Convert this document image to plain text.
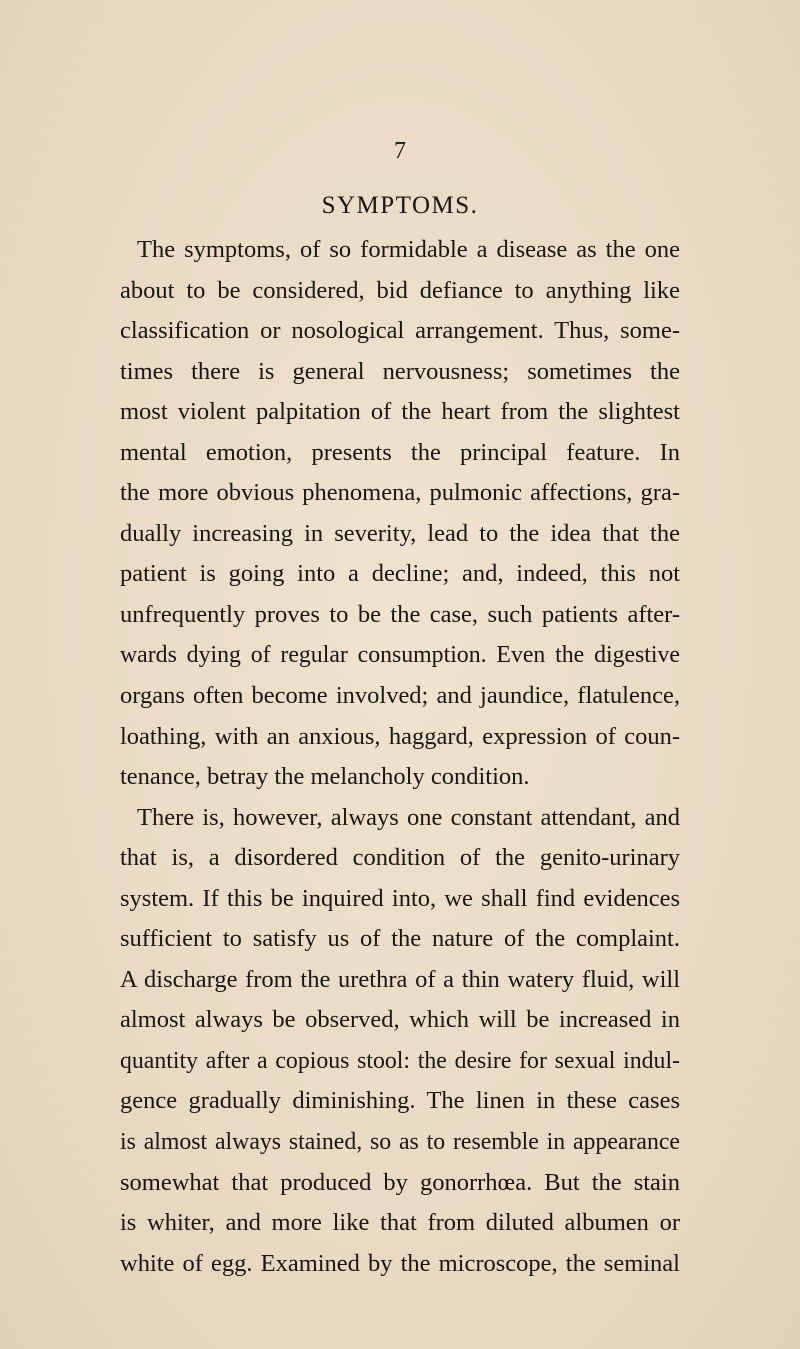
7
SYMPTOMS.
The symptoms, of so formidable a disease as the one
about to be considered, bid defiance to anything like
classification or nosological arrangement. Thus, some-
times there is general nervousness; sometimes the
most violent palpitation of the heart from the slightest
mental emotion, presents the principal feature. In
the more obvious phenomena, pulmonic affections, gra-
dually increasing in severity, lead to the idea that the
patient is going into a decline; and, indeed, this not
unfrequently proves to be the case, such patients after-
wards dying of regular consumption. Even the digestive
organs often become involved; and jaundice, flatulence,
loathing, with an anxious, haggard, expression of coun-
tenance, betray the melancholy condition.
There is, however, always one constant attendant, and
that is, a disordered condition of the genito-urinary
system. If this be inquired into, we shall find evidences
sufficient to satisfy us of the nature of the complaint.
A discharge from the urethra of a thin watery fluid, will
almost always be observed, which will be increased in
quantity after a copious stool: the desire for sexual indul-
gence gradually diminishing. The linen in these cases
is almost always stained, so as to resemble in appearance
somewhat that produced by gonorrhœa. But the stain
is whiter, and more like that from diluted albumen or
white of egg. Examined by the microscope, the seminal
